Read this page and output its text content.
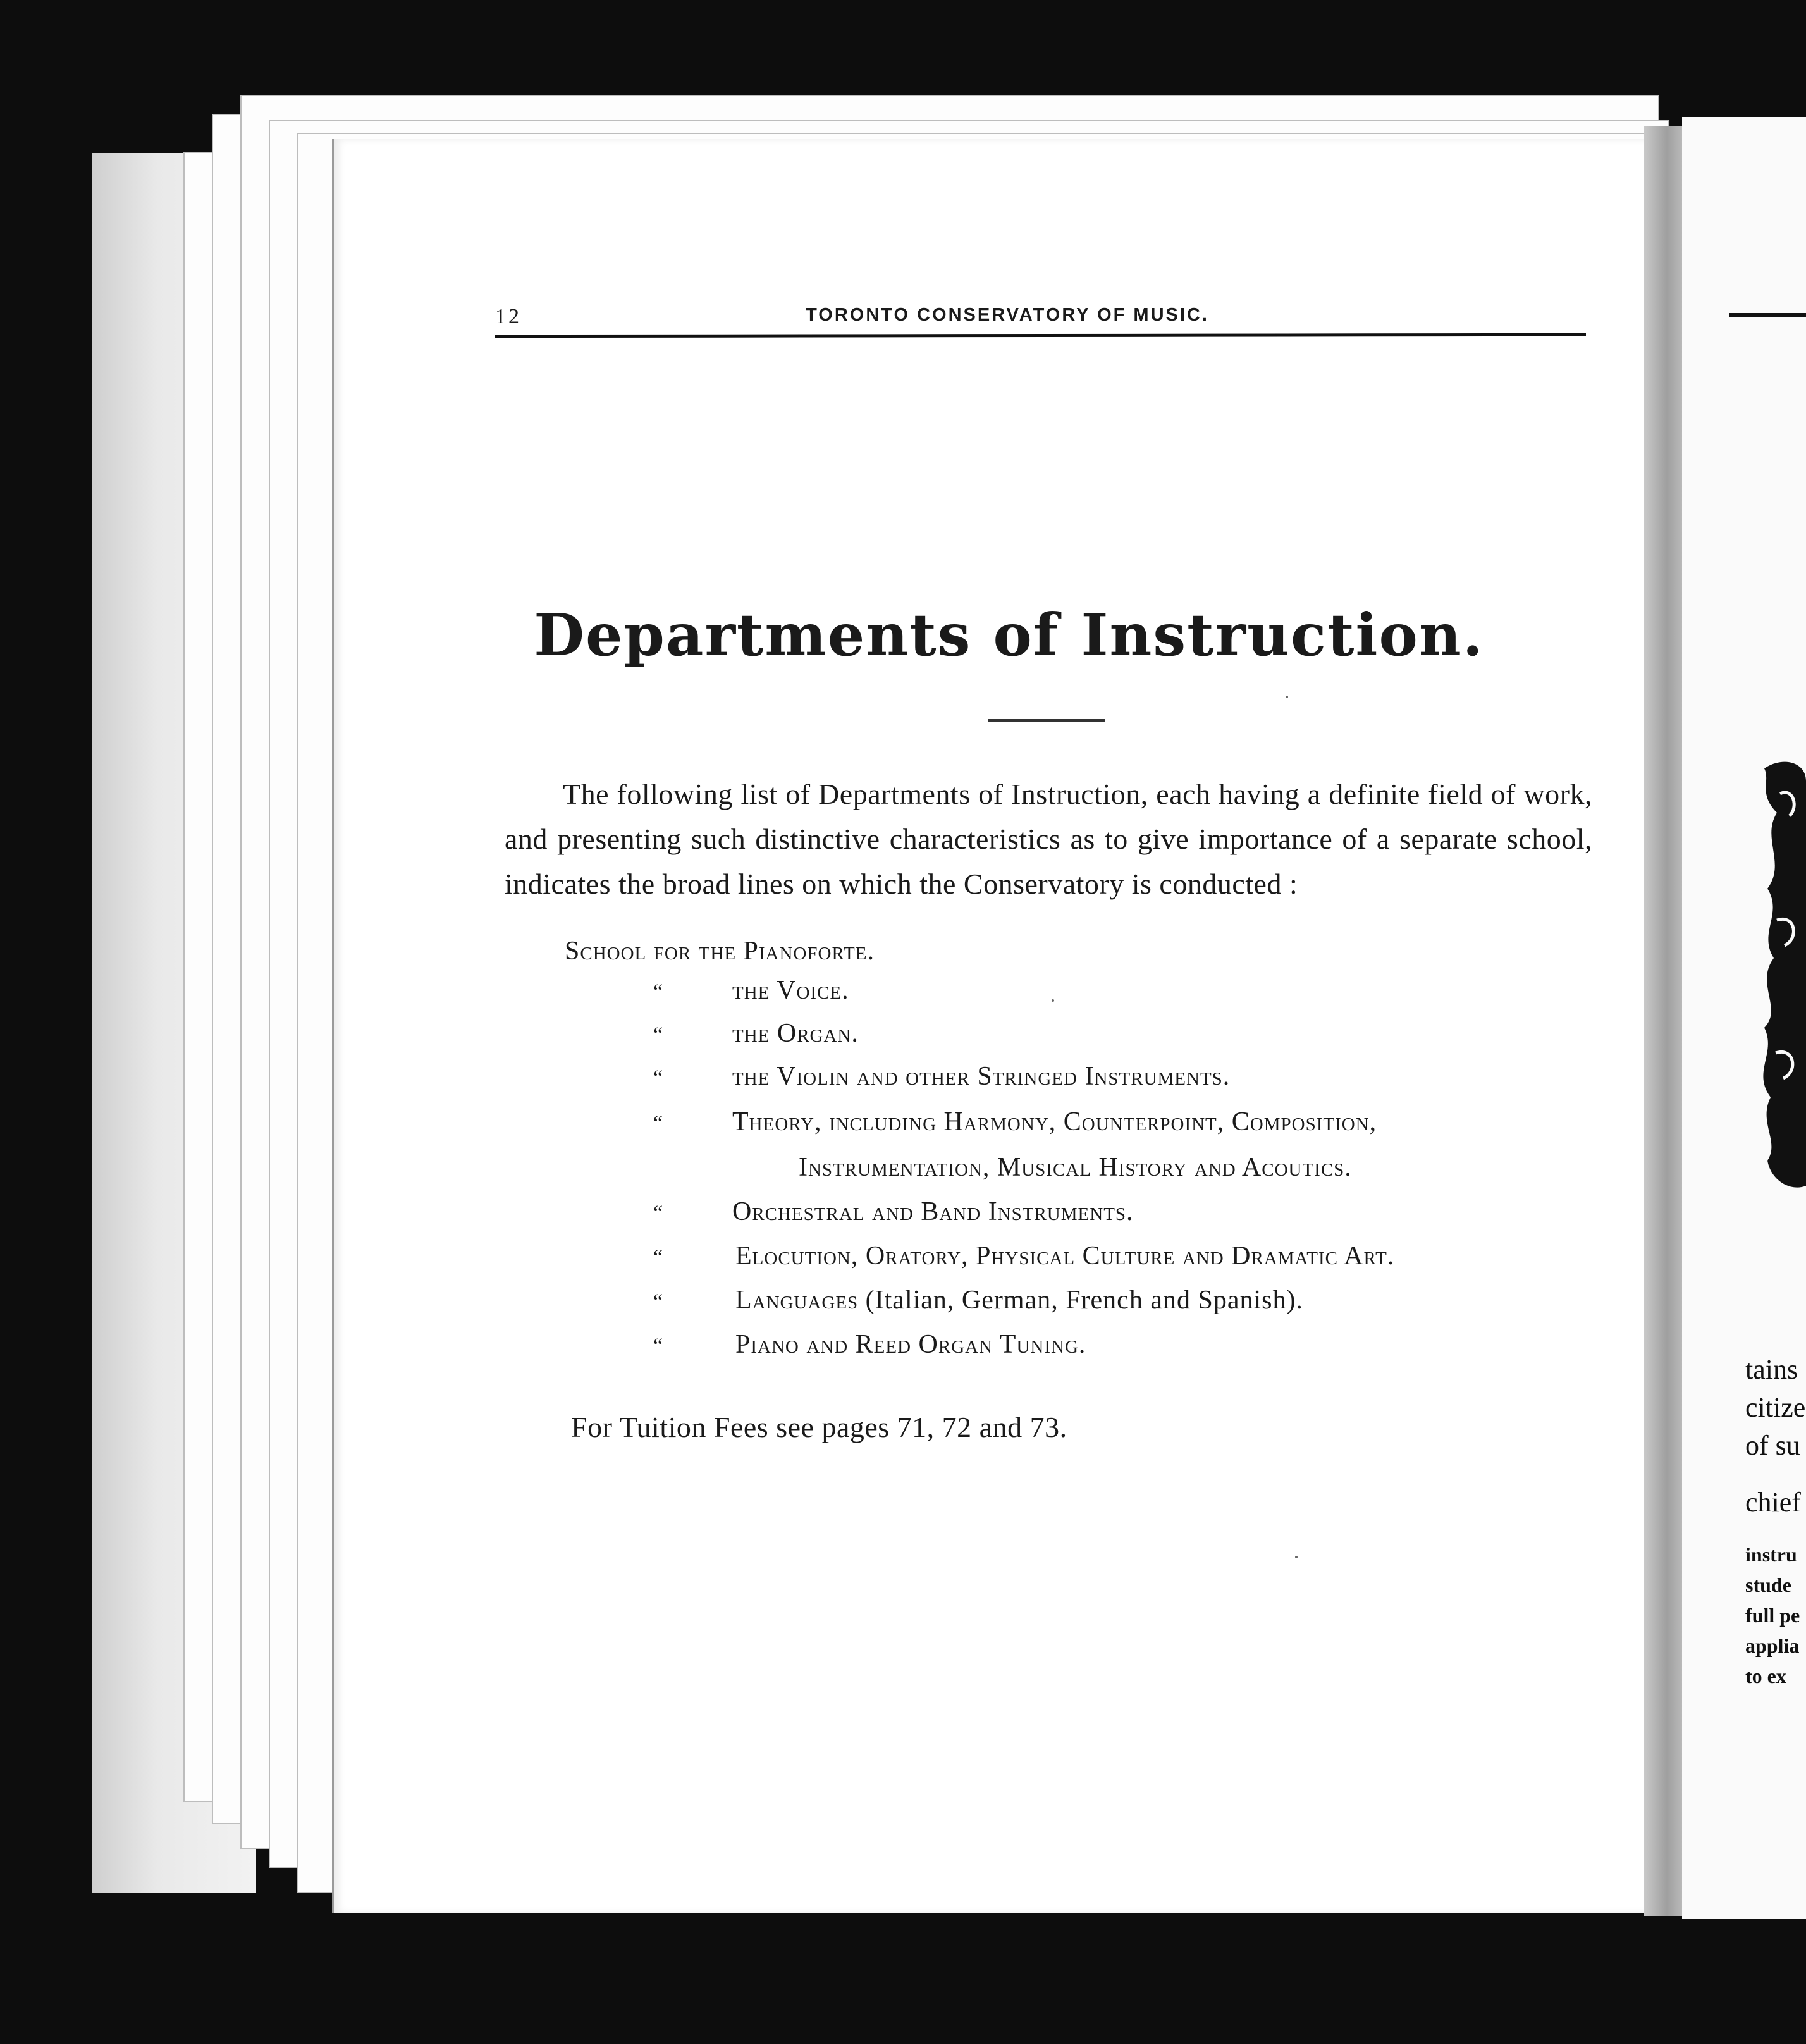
12	TORONTO CONSERVATORY OF MUSIC.
Departments of Instruction.
The following list of Departments of Instruction, each having a definite field of work, and presenting such distinctive characteristics as to give importance of a separate school, indicates the broad lines on which the Conservatory is conducted :
School for the Pianoforte.
“	the Voice.
“	the Organ.
“	the Violin and other Stringed Instruments.
“	Theory, including Harmony, Counterpoint, Composition,
Instrumentation, Musical History and Acoutics.
“	Orchestral and Band Instruments.
“	Elocution, Oratory, Physical Culture and Dramatic Art.
“	Languages (Italian, German, French and Spanish).
“	Piano and Reed Organ Tuning.
For Tuition Fees see pages 71, 72 and 73.
tains
citize
of su
chief
instru
stude
full pe
applia
to ex
